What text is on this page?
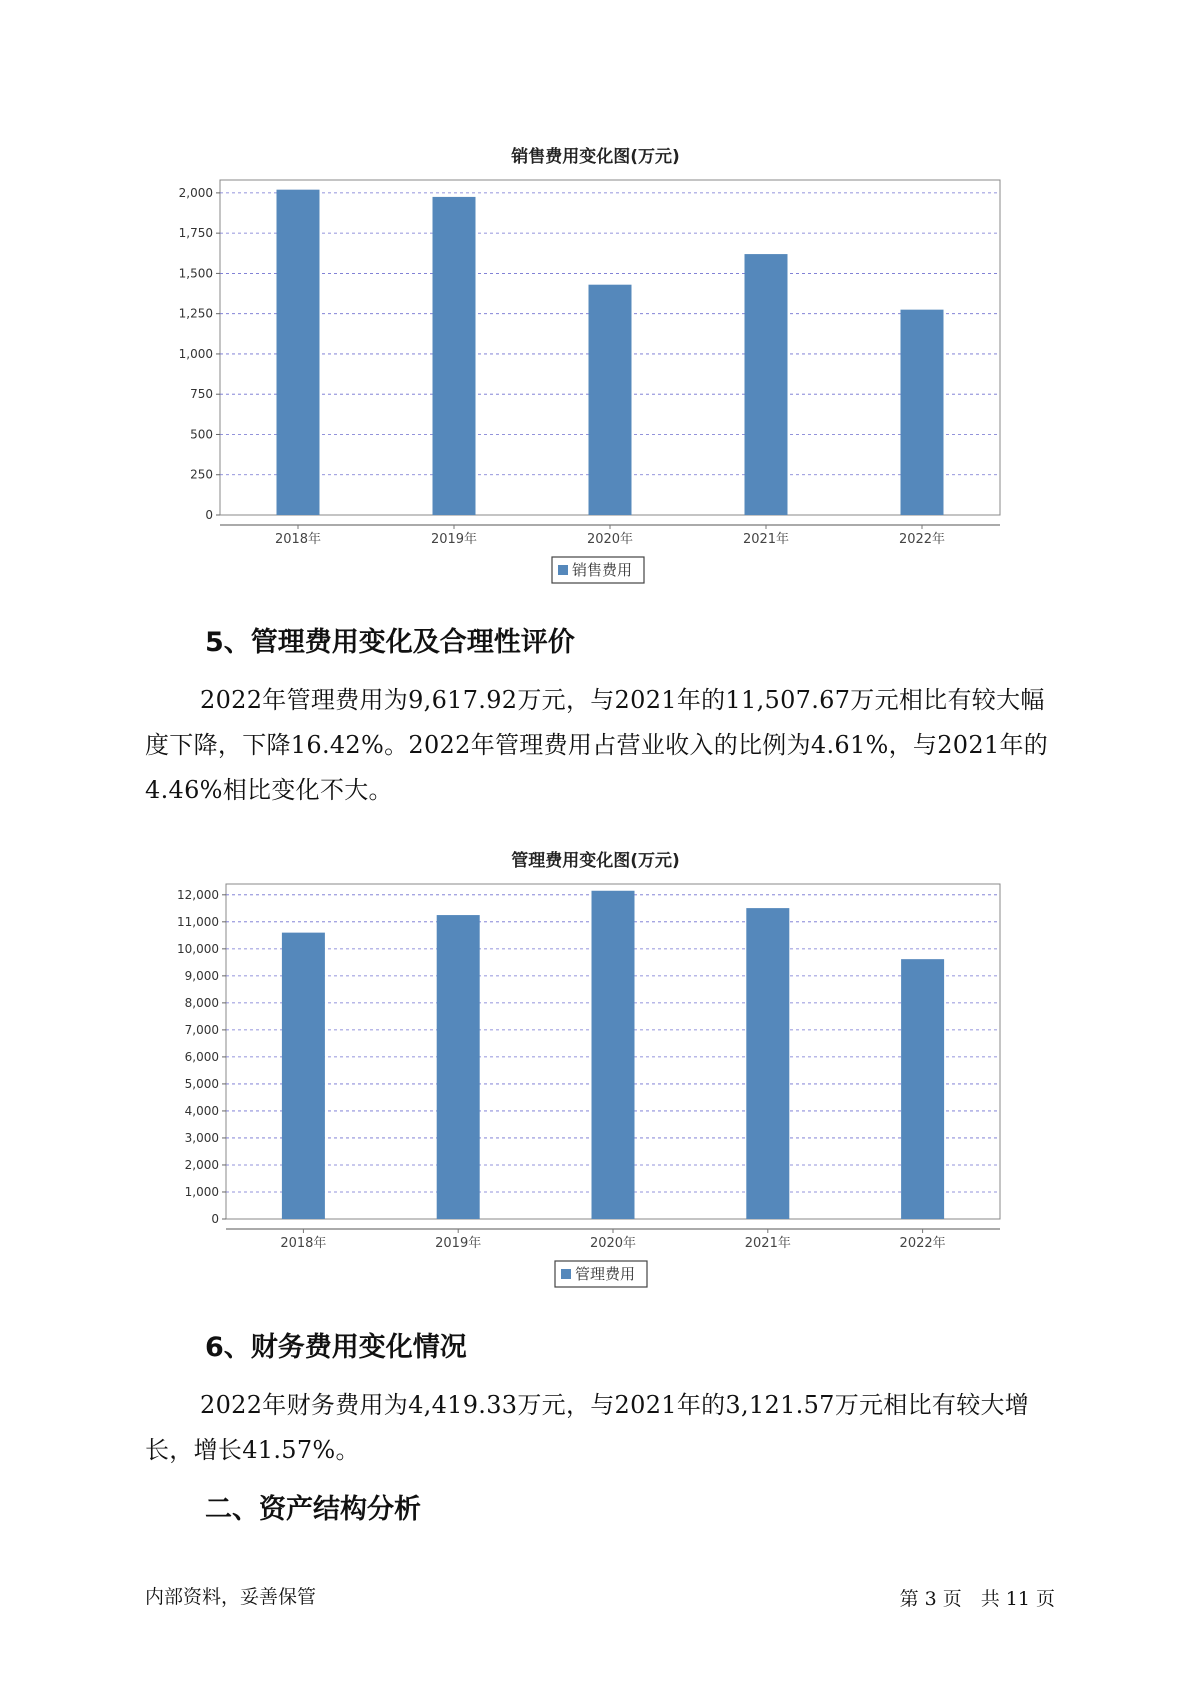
销售费用变化图(万元)
0
250
500
750
1,000
1,250
1,500
1,750
2,000
2018年	2019年	2020年	2021年	2022年
销售费用
5、管理费用变化及合理性评价

2022年管理费用为9,617.92万元，与2021年的11,507.67万元相比有较大幅度下降，下降16.42%。2022年管理费用占营业收入的比例为4.61%，与2021年的4.46%相比变化不大。

管理费用变化图(万元)
0
1,000
2,000
3,000
4,000
5,000
6,000
7,000
8,000
9,000
10,000
11,000
12,000
2018年	2019年	2020年	2021年	2022年
管理费用
6、财务费用变化情况

2022年财务费用为4,419.33万元，与2021年的3,121.57万元相比有较大增长，增长41.57%。

二、资产结构分析
内部资料，妥善保管	第 3 页　共 11 页
